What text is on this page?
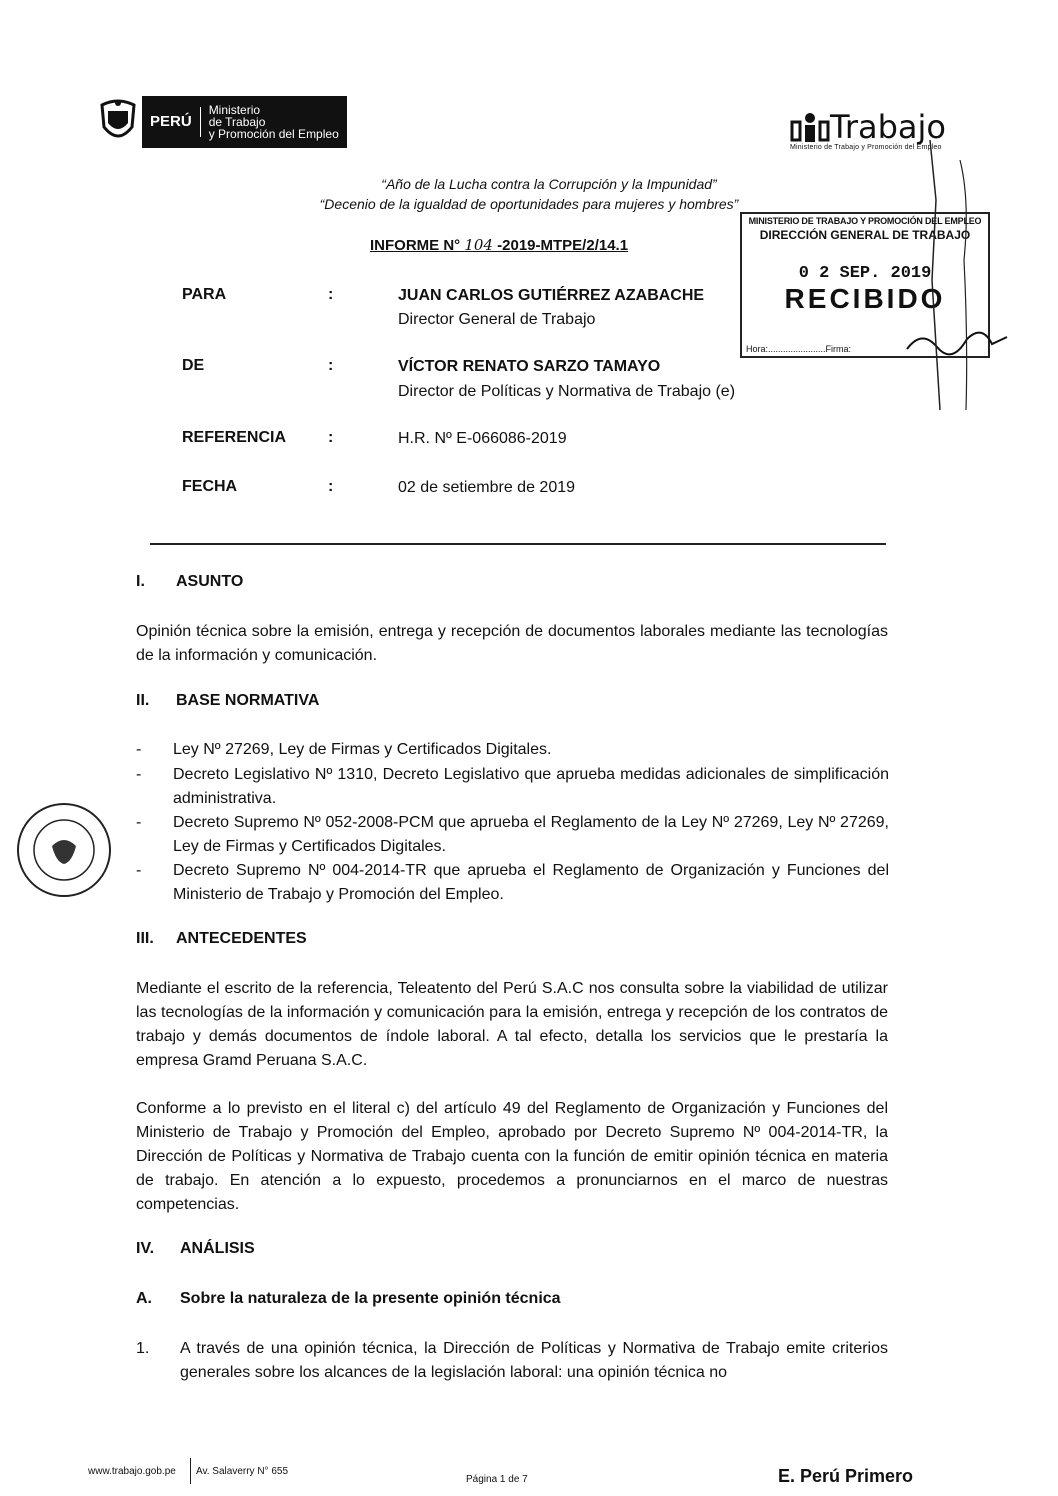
PERÚ
Ministerio
de Trabajo
y Promoción del Empleo	Trabajo
Ministerio de Trabajo y Promoción del Empleo
“Año de la Lucha contra la Corrupción y la Impunidad”
“Decenio de la igualdad de oportunidades para mujeres y hombres”
INFORME N° 104 -2019-MTPE/2/14.1
MINISTERIO DE TRABAJO Y PROMOCIÓN DEL EMPLEO
DIRECCIÓN GENERAL DE TRABAJO
0 2 SEP. 2019
RECIBIDO
Hora:.......................Firma:
PARA	:	JUAN CARLOS GUTIÉRREZ AZABACHE
Director General de Trabajo
DE	:	VÍCTOR RENATO SARZO TAMAYO
Director de Políticas y Normativa de Trabajo (e)
REFERENCIA	:	H.R. Nº E-066086-2019
FECHA	:	02 de setiembre de 2019
I. ASUNTO
Opinión técnica sobre la emisión, entrega y recepción de documentos laborales mediante las tecnologías de la información y comunicación.
II. BASE NORMATIVA
- Ley Nº 27269, Ley de Firmas y Certificados Digitales.
- Decreto Legislativo Nº 1310, Decreto Legislativo que aprueba medidas adicionales de simplificación administrativa.
- Decreto Supremo Nº 052-2008-PCM que aprueba el Reglamento de la Ley Nº 27269, Ley Nº 27269, Ley de Firmas y Certificados Digitales.
- Decreto Supremo Nº 004-2014-TR que aprueba el Reglamento de Organización y Funciones del Ministerio de Trabajo y Promoción del Empleo.
III. ANTECEDENTES
Mediante el escrito de la referencia, Teleatento del Perú S.A.C nos consulta sobre la viabilidad de utilizar las tecnologías de la información y comunicación para la emisión, entrega y recepción de los contratos de trabajo y demás documentos de índole laboral. A tal efecto, detalla los servicios que le prestaría la empresa Gramd Peruana S.A.C.
Conforme a lo previsto en el literal c) del artículo 49 del Reglamento de Organización y Funciones del Ministerio de Trabajo y Promoción del Empleo, aprobado por Decreto Supremo Nº 004-2014-TR, la Dirección de Políticas y Normativa de Trabajo cuenta con la función de emitir opinión técnica en materia de trabajo. En atención a lo expuesto, procedemos a pronunciarnos en el marco de nuestras competencias.
IV. ANÁLISIS
A. Sobre la naturaleza de la presente opinión técnica
1. A través de una opinión técnica, la Dirección de Políticas y Normativa de Trabajo emite criterios generales sobre los alcances de la legislación laboral: una opinión técnica no
www.trabajo.gob.pe Av. Salaverry N° 655
Página 1 de 7	E. Perú Primero
